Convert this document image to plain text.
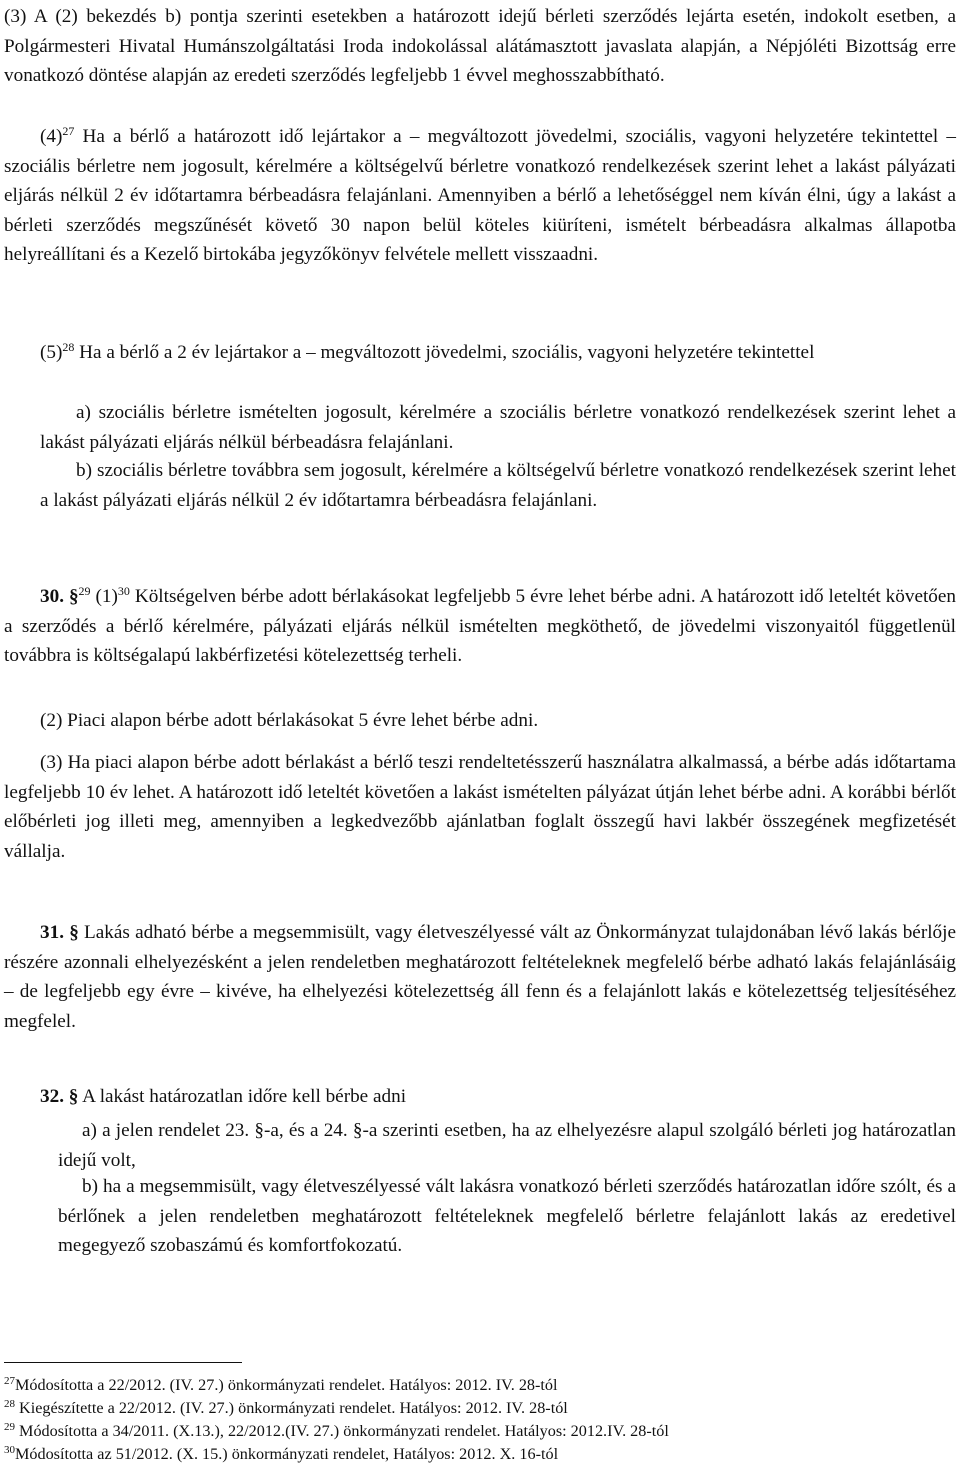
(3) A (2) bekezdés b) pontja szerinti esetekben a határozott idejű bérleti szerződés lejárta esetén, indokolt esetben, a Polgármesteri Hivatal Humánszolgáltatási Iroda indokolással alátámasztott javaslata alapján, a Népjóléti Bizottság erre vonatkozó döntése alapján az eredeti szerződés legfeljebb 1 évvel meghosszabbítható.

$(4)^{27}$ Ha a bérlő a határozott idő lejártakor a – megváltozott jövedelmi, szociális, vagyoni helyzetére tekintettel – szociális bérletre nem jogosult, kérelmére a költségelvű bérletre vonatkozó rendelkezések szerint lehet a lakást pályázati eljárás nélkül 2 év időtartamra bérbeadásra felajánlani. Amennyiben a bérlő a lehetőséggel nem kíván élni, úgy a lakást a bérleti szerződés megszűnését követő 30 napon belül köteles kiüríteni, ismételt bérbeadásra alkalmas állapotba helyreállítani és a Kezelő birtokába jegyzőkönyv felvétele mellett visszaadni.

$(5)^{28}$ Ha a bérlő a 2 év lejártakor a – megváltozott jövedelmi, szociális, vagyoni helyzetére tekintettel

a) szociális bérletre ismételten jogosult, kérelmére a szociális bérletre vonatkozó rendelkezések szerint lehet a lakást pályázati eljárás nélkül bérbeadásra felajánlani.

b) szociális bérletre továbbra sem jogosult, kérelmére a költségelvű bérletre vonatkozó rendelkezések szerint lehet a lakást pályázati eljárás nélkül 2 év időtartamra bérbeadásra felajánlani.

30. §$^{29}$ $(1)^{30}$ Költségelven bérbe adott bérlakásokat legfeljebb 5 évre lehet bérbe adni. A határozott idő leteltét követően a szerződés a bérlő kérelmére, pályázati eljárás nélkül ismételten megköthető, de jövedelmi viszonyaitól függetlenül továbbra is költségalapú lakbérfizetési kötelezettség terheli.

(2) Piaci alapon bérbe adott bérlakásokat 5 évre lehet bérbe adni.

(3) Ha piaci alapon bérbe adott bérlakást a bérlő teszi rendeltetésszerű használatra alkalmassá, a bérbe adás időtartama legfeljebb 10 év lehet. A határozott idő leteltét követően a lakást ismételten pályázat útján lehet bérbe adni. A korábbi bérlőt előbérleti jog illeti meg, amennyiben a legkedvezőbb ajánlatban foglalt összegű havi lakbér összegének megfizetését vállalja.

31. § Lakás adható bérbe a megsemmisült, vagy életveszélyessé vált az Önkormányzat tulajdonában lévő lakás bérlője részére azonnali elhelyezésként a jelen rendeletben meghatározott feltételeknek megfelelő bérbe adható lakás felajánlásáig – de legfeljebb egy évre – kivéve, ha elhelyezési kötelezettség áll fenn és a felajánlott lakás e kötelezettség teljesítéséhez megfelel.

32. § A lakást határozatlan időre kell bérbe adni

a) a jelen rendelet 23. §-a, és a 24. §-a szerinti esetben, ha az elhelyezésre alapul szolgáló bérleti jog határozatlan idejű volt,

b) ha a megsemmisült, vagy életveszélyessé vált lakásra vonatkozó bérleti szerződés határozatlan időre szólt, és a bérlőnek a jelen rendeletben meghatározott feltételeknek megfelelő bérletre felajánlott lakás az eredetivel megegyező szobaszámú és komfortfokozatú.

$^{27}$Módosította a 22/2012. (IV. 27.) önkormányzati rendelet. Hatályos: 2012. IV. 28-tól
$^{28}$ Kiegészítette a 22/2012. (IV. 27.) önkormányzati rendelet. Hatályos: 2012. IV. 28-tól
$^{29}$ Módosította a 34/2011. (X.13.), 22/2012.(IV. 27.) önkormányzati rendelet. Hatályos: 2012.IV. 28-tól
$^{30}$Módosította az 51/2012. (X. 15.) önkormányzati rendelet, Hatályos: 2012. X. 16-tól
